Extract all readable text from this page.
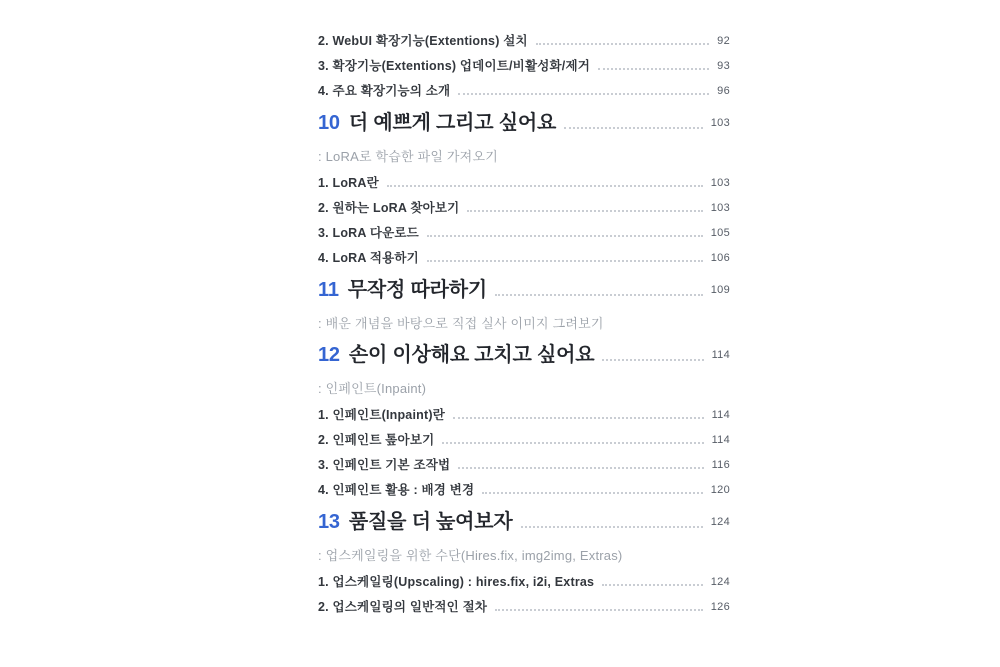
2. WebUI 확장기능(Extentions) 설치	92
3. 확장기능(Extentions) 업데이트/비활성화/제거	93
4. 주요 확장기능의 소개	96
10 더 예쁘게 그리고 싶어요	103
: LoRA로 학습한 파일 가져오기
1. LoRA란	103
2. 원하는 LoRA 찾아보기	103
3. LoRA 다운로드	105
4. LoRA 적용하기	106
11 무작정 따라하기	109
: 배운 개념을 바탕으로 직접 실사 이미지 그려보기
12 손이 이상해요 고치고 싶어요	114
: 인페인트(Inpaint)
1. 인페인트(Inpaint)란	114
2. 인페인트 톺아보기	114
3. 인페인트 기본 조작법	116
4. 인페인트 활용 : 배경 변경	120
13 품질을 더 높여보자	124
: 업스케일링을 위한 수단(Hires.fix, img2img, Extras)
1. 업스케일링(Upscaling) : hires.fix, i2i, Extras	124
2. 업스케일링의 일반적인 절차	126
